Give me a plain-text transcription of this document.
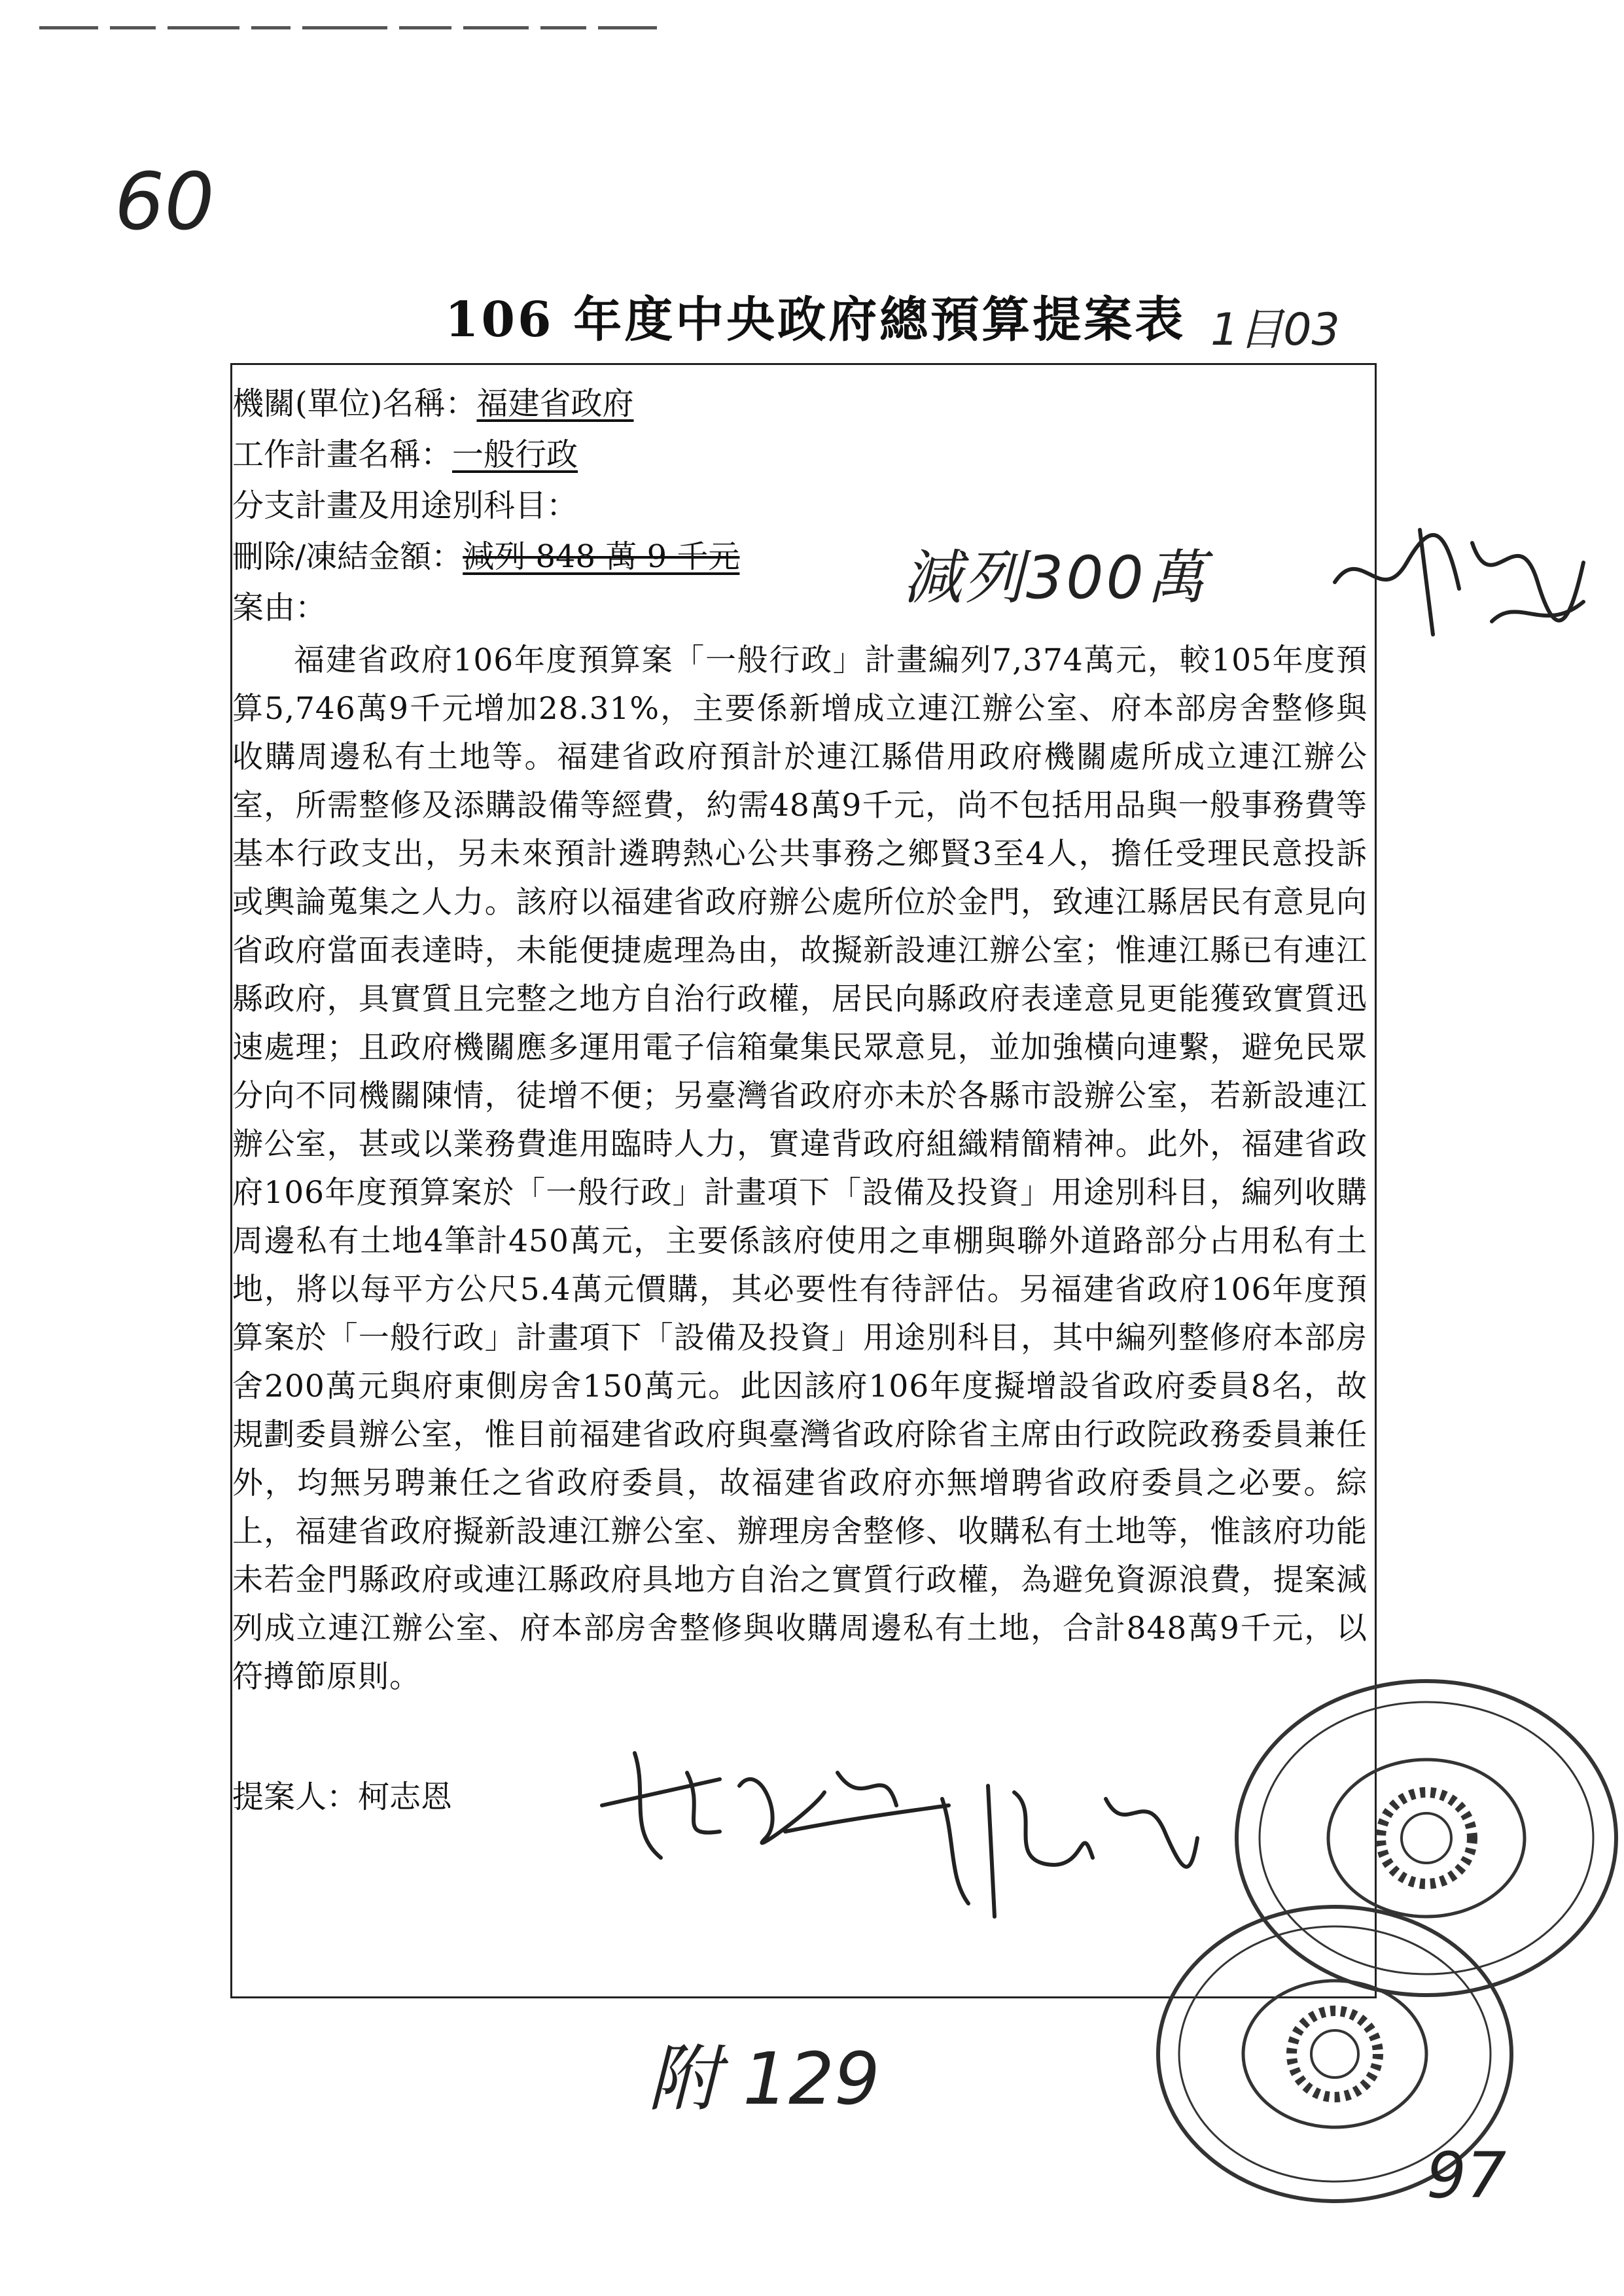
60
106 年度中央政府總預算提案表 1目03
機關(單位)名稱：福建省政府
工作計畫名稱：一般行政
分支計畫及用途別科目：
刪除/凍結金額：減列 848 萬 9 千元
案由：
福建省政府106年度預算案「一般行政」計畫編列7,374萬元，較105年度預算5,746萬9千元增加28.31%，主要係新增成立連江辦公室、府本部房舍整修與收購周邊私有土地等。福建省政府預計於連江縣借用政府機關處所成立連江辦公室，所需整修及添購設備等經費，約需48萬9千元，尚不包括用品與一般事務費等基本行政支出，另未來預計遴聘熱心公共事務之鄉賢3至4人，擔任受理民意投訴或輿論蒐集之人力。該府以福建省政府辦公處所位於金門，致連江縣居民有意見向省政府當面表達時，未能便捷處理為由，故擬新設連江辦公室；惟連江縣已有連江縣政府，具實質且完整之地方自治行政權，居民向縣政府表達意見更能獲致實質迅速處理；且政府機關應多運用電子信箱彙集民眾意見，並加強橫向連繫，避免民眾分向不同機關陳情，徒增不便；另臺灣省政府亦未於各縣市設辦公室，若新設連江辦公室，甚或以業務費進用臨時人力，實違背政府組織精簡精神。此外，福建省政府106年度預算案於「一般行政」計畫項下「設備及投資」用途別科目，編列收購周邊私有土地4筆計450萬元，主要係該府使用之車棚與聯外道路部分占用私有土地，將以每平方公尺5.4萬元價購，其必要性有待評估。另福建省政府106年度預算案於「一般行政」計畫項下「設備及投資」用途別科目，其中編列整修府本部房舍200萬元與府東側房舍150萬元。此因該府106年度擬增設省政府委員8名，故規劃委員辦公室，惟目前福建省政府與臺灣省政府除省主席由行政院政務委員兼任外，均無另聘兼任之省政府委員，故福建省政府亦無增聘省政府委員之必要。綜上，福建省政府擬新設連江辦公室、辦理房舍整修、收購私有土地等，惟該府功能未若金門縣政府或連江縣政府具地方自治之實質行政權，為避免資源浪費，提案減列成立連江辦公室、府本部房舍整修與收購周邊私有土地，合計848萬9千元，以符撙節原則。
提案人：柯志恩
減列300萬
附 129
97
